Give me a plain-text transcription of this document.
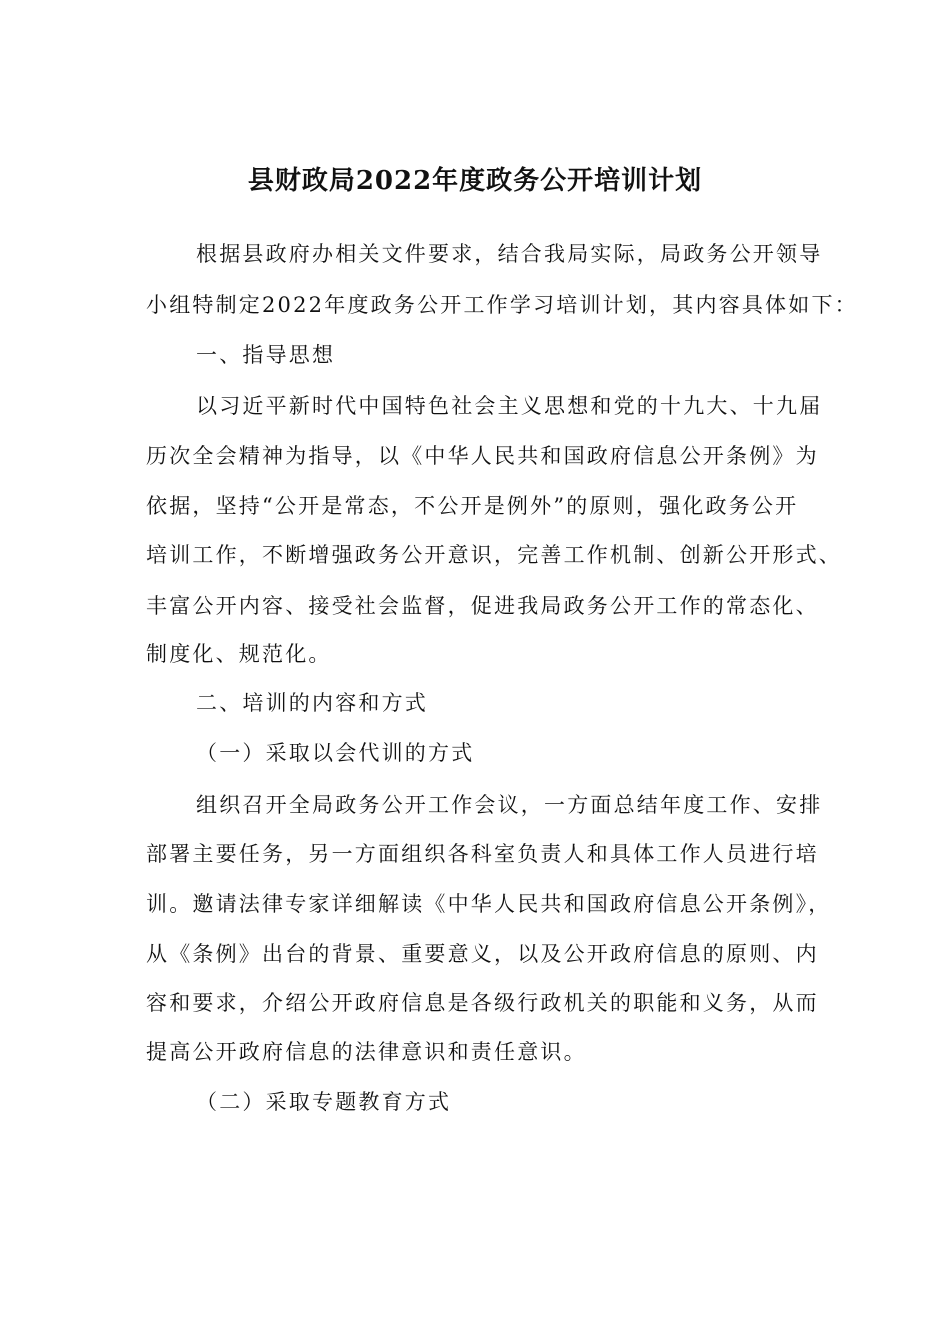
县财政局2022年度政务公开培训计划
根据县政府办相关文件要求，结合我局实际，局政务公开领导
小组特制定2022年度政务公开工作学习培训计划，其内容具体如下：
一、指导思想
以习近平新时代中国特色社会主义思想和党的十九大、十九届
历次全会精神为指导，以《中华人民共和国政府信息公开条例》为
依据，坚持“公开是常态，不公开是例外”的原则，强化政务公开
培训工作，不断增强政务公开意识，完善工作机制、创新公开形式、
丰富公开内容、接受社会监督，促进我局政务公开工作的常态化、
制度化、规范化。
二、培训的内容和方式
（一）采取以会代训的方式
组织召开全局政务公开工作会议，一方面总结年度工作、安排
部署主要任务，另一方面组织各科室负责人和具体工作人员进行培
训。邀请法律专家详细解读《中华人民共和国政府信息公开条例》，
从《条例》出台的背景、重要意义，以及公开政府信息的原则、内
容和要求，介绍公开政府信息是各级行政机关的职能和义务，从而
提高公开政府信息的法律意识和责任意识。
（二）采取专题教育方式
